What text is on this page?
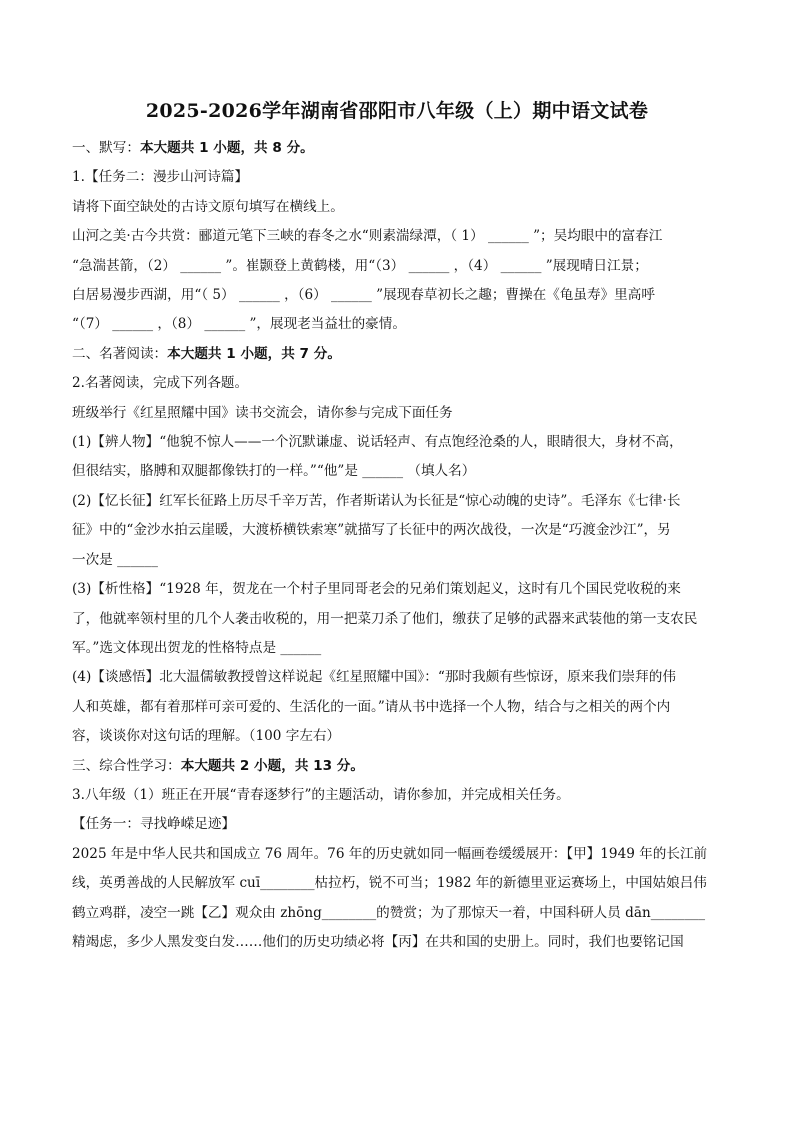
2025-2026学年湖南省邵阳市八年级（上）期中语文试卷
一、默写：本大题共 1 小题，共 8 分。
1.【任务二：漫步山河诗篇】
请将下面空缺处的古诗文原句填写在横线上。
山河之美·古今共赏：郦道元笔下三峡的春冬之水“则素湍绿潭，（ 1） ______ ”；吴均眼中的富春江
“急湍甚箭，（2） ______ ”。崔颢登上黄鹤楼，用“（3） ______ ，（4） ______ ”展现晴日江景；
白居易漫步西湖，用“（ 5） ______ ，（6） ______ ”展现春草初长之趣；曹操在《龟虽寿》里高呼
“（7） ______ ，（8） ______ ”，展现老当益壮的豪情。
二、名著阅读：本大题共 1 小题，共 7 分。
2.名著阅读，完成下列各题。
班级举行《红星照耀中国》读书交流会，请你参与完成下面任务
(1)【辨人物】“他貌不惊人——一个沉默谦虚、说话轻声、有点饱经沧桑的人，眼睛很大，身材不高，
但很结实，胳膊和双腿都像铁打的一样。”“他”是 ______ （填人名）
(2)【忆长征】红军长征路上历尽千辛万苦，作者斯诺认为长征是“惊心动魄的史诗”。毛泽东《七律·长
征》中的“金沙水拍云崖暖，大渡桥横铁索寒”就描写了长征中的两次战役，一次是“巧渡金沙江”，另
一次是 ______
(3)【析性格】“1928 年，贺龙在一个村子里同哥老会的兄弟们策划起义，这时有几个国民党收税的来
了，他就率领村里的几个人袭击收税的，用一把菜刀杀了他们，缴获了足够的武器来武装他的第一支农民
军。”选文体现出贺龙的性格特点是 ______
(4)【谈感悟】北大温儒敏教授曾这样说起《红星照耀中国》：“那时我颇有些惊讶，原来我们崇拜的伟
人和英雄，都有着那样可亲可爱的、生活化的一面。”请从书中选择一个人物，结合与之相关的两个内
容，谈谈你对这句话的理解。（100 字左右）
三、综合性学习：本大题共 2 小题，共 13 分。
3.八年级（1）班正在开展“青春逐梦行”的主题活动，请你参加，并完成相关任务。
【任务一：寻找峥嵘足迹】
2025 年是中华人民共和国成立 76 周年。76 年的历史就如同一幅画卷缓缓展开：【甲】1949 年的长江前
线，英勇善战的人民解放军 cuī________枯拉朽，锐不可当；1982 年的新德里亚运赛场上，中国姑娘吕伟
鹤立鸡群，凌空一跳【乙】观众由 zhōng________的赞赏；为了那惊天一着，中国科研人员 dān________
精竭虑，多少人黑发变白发……他们的历史功绩必将【丙】在共和国的史册上。同时，我们也要铭记国
